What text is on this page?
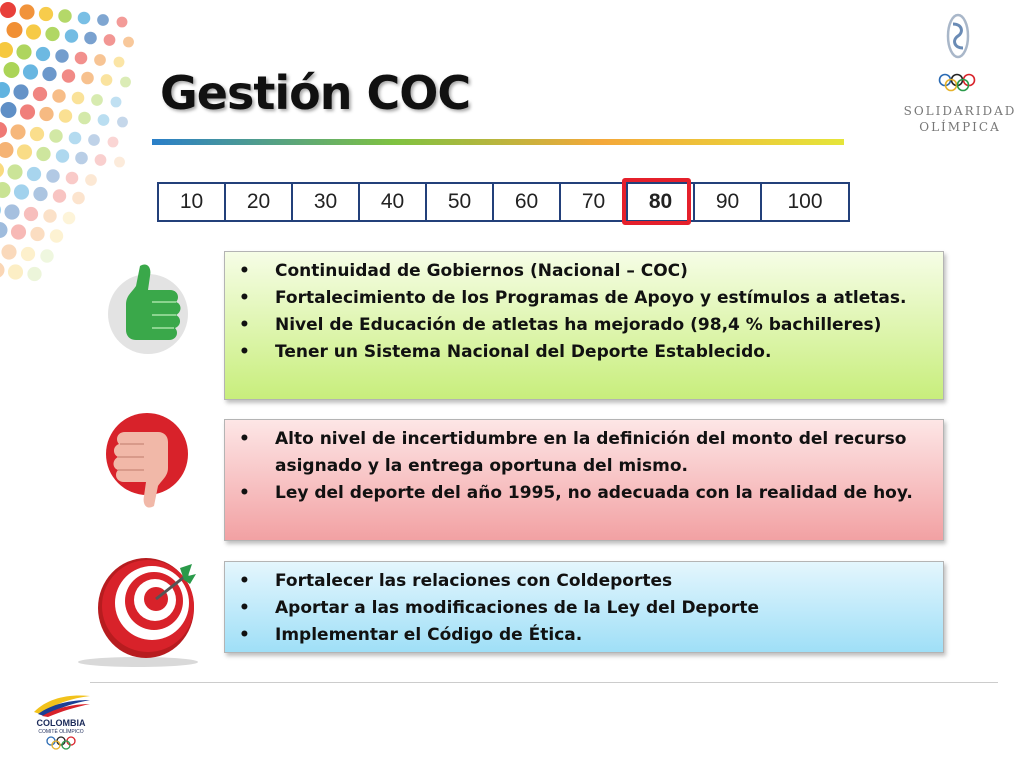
Gestión COC	SOLIDARIDAD
OLÍMPICA
10	20	30	40	50	60	70	80	90	100
• Continuidad de Gobiernos (Nacional – COC)
• Fortalecimiento de los Programas de Apoyo y estímulos a atletas.
• Nivel de Educación de atletas ha mejorado (98,4 % bachilleres)
• Tener un Sistema Nacional del Deporte Establecido.
• Alto nivel de incertidumbre en la definición del monto del recurso asignado y la entrega oportuna del mismo.
• Ley del deporte del año 1995, no adecuada con la realidad de hoy.
• Fortalecer las relaciones con Coldeportes
• Aportar a las modificaciones de la Ley del Deporte
• Implementar el Código de Ética.
COLOMBIA
COMITÉ OLÍMPICO
